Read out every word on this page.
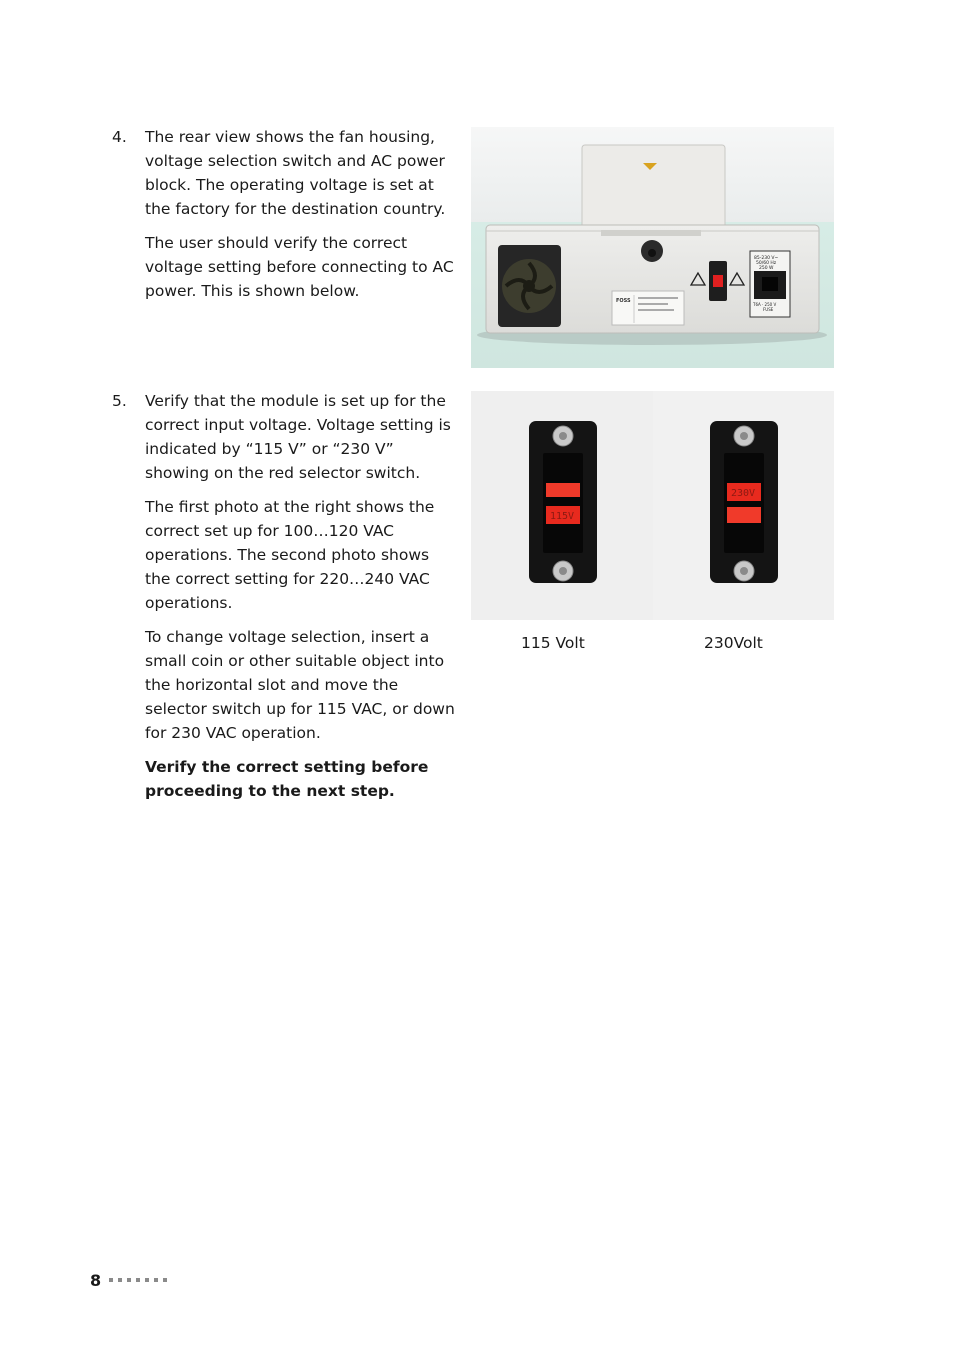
4. The rear view shows the fan housing, voltage selection switch and AC power block. The operating voltage is set at the factory for the destination country.

The user should verify the correct voltage setting before connecting to AC power. This is shown below.

FOSS
85-230 V~
50/60 Hz
250 W
T6A · 250 V
FUSE
5. Verify that the module is set up for the correct input voltage. Voltage setting is indicated by “115 V” or “230 V” showing on the red selector switch.

The first photo at the right shows the correct set up for 100…120 VAC operations. The second photo shows the correct setting for 220…240 VAC operations.

To change voltage selection, insert a small coin or other suitable object into the horizontal slot and move the selector switch up for 115 VAC, or down for 230 VAC operation.

Verify the correct setting before proceeding to the next step.

115V
230V
115 Volt	230Volt
8
